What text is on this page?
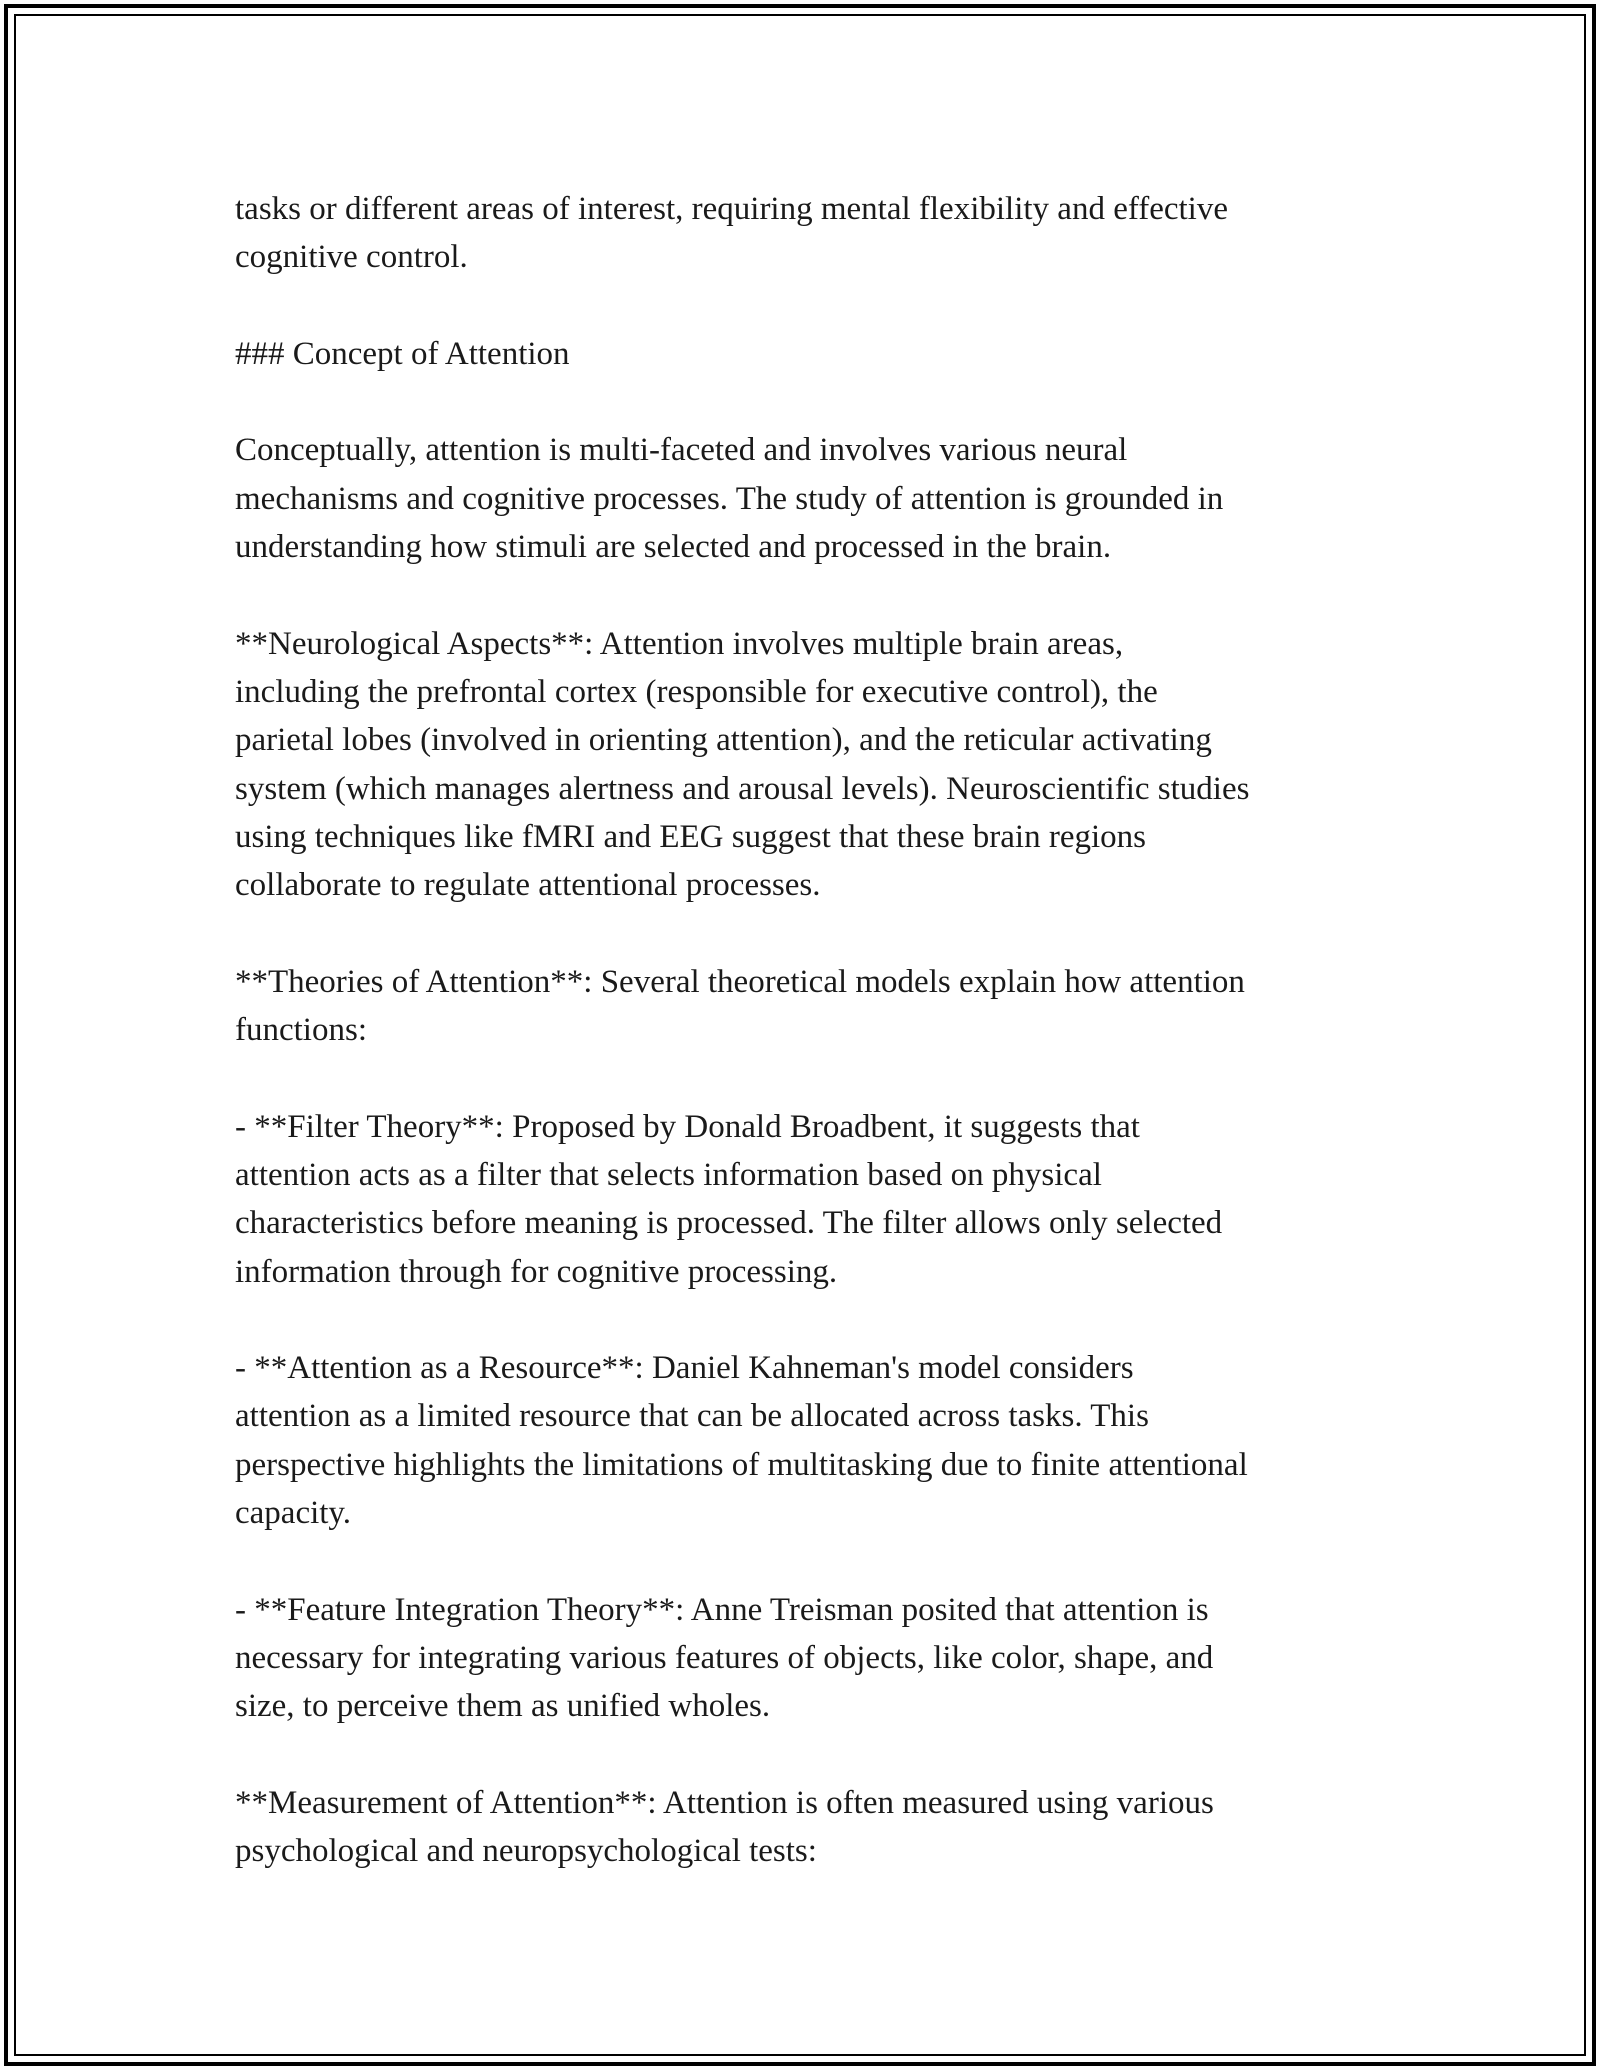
tasks or different areas of interest, requiring mental flexibility and effective
cognitive control.

### Concept of Attention

Conceptually, attention is multi-faceted and involves various neural
mechanisms and cognitive processes. The study of attention is grounded in
understanding how stimuli are selected and processed in the brain.

**Neurological Aspects**: Attention involves multiple brain areas,
including the prefrontal cortex (responsible for executive control), the
parietal lobes (involved in orienting attention), and the reticular activating
system (which manages alertness and arousal levels). Neuroscientific studies
using techniques like fMRI and EEG suggest that these brain regions
collaborate to regulate attentional processes.

**Theories of Attention**: Several theoretical models explain how attention
functions:

- **Filter Theory**: Proposed by Donald Broadbent, it suggests that
attention acts as a filter that selects information based on physical
characteristics before meaning is processed. The filter allows only selected
information through for cognitive processing.

- **Attention as a Resource**: Daniel Kahneman's model considers
attention as a limited resource that can be allocated across tasks. This
perspective highlights the limitations of multitasking due to finite attentional
capacity.

- **Feature Integration Theory**: Anne Treisman posited that attention is
necessary for integrating various features of objects, like color, shape, and
size, to perceive them as unified wholes.

**Measurement of Attention**: Attention is often measured using various
psychological and neuropsychological tests:
